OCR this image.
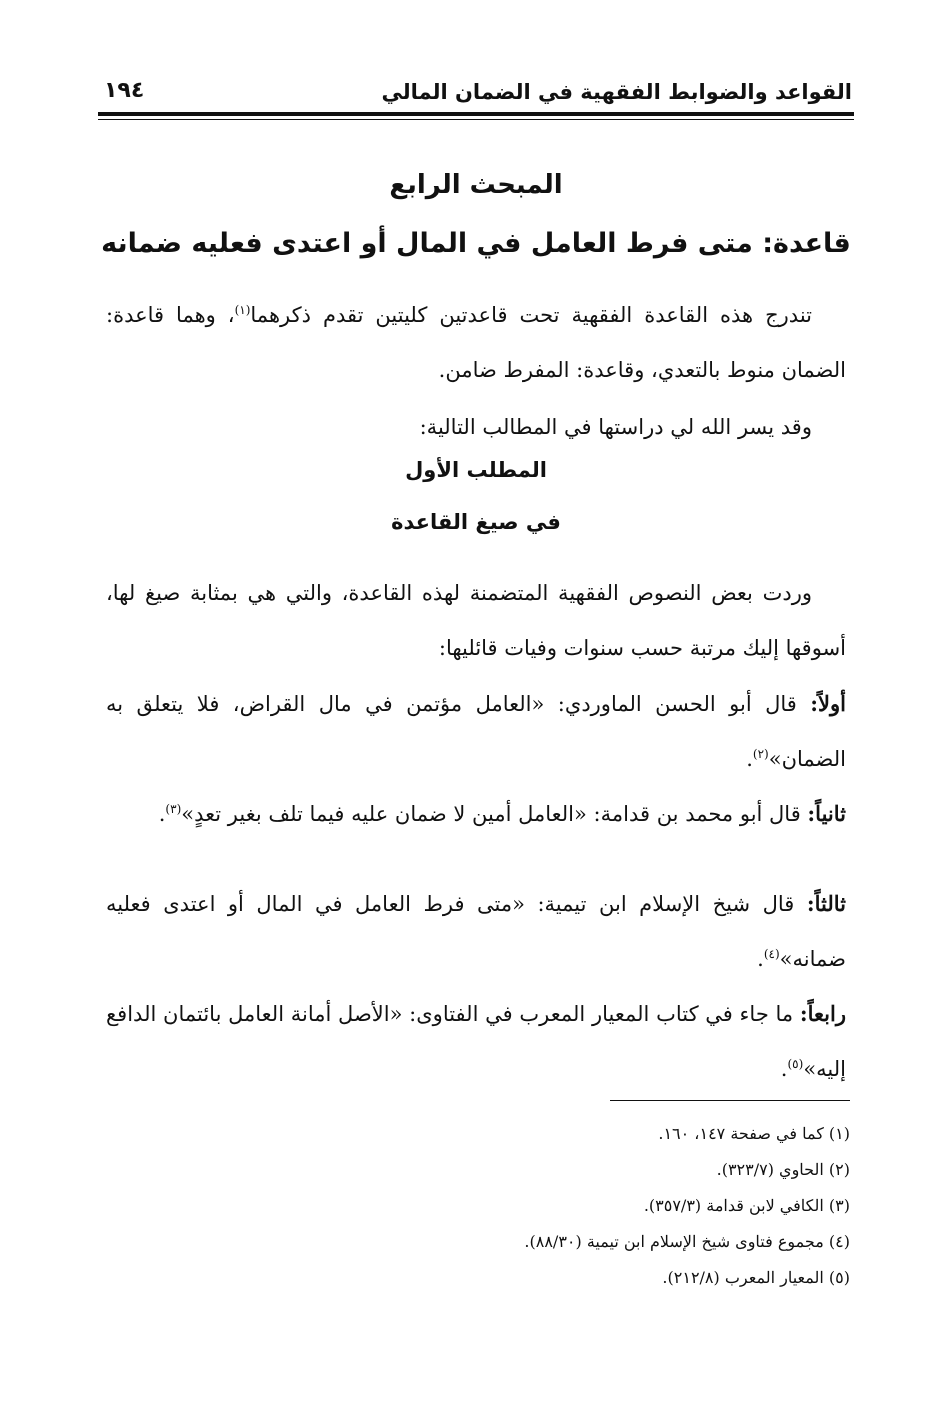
القواعد والضوابط الفقهية في الضمان المالي
١٩٤
المبحث الرابع
قاعدة: متى فرط العامل في المال أو اعتدى فعليه ضمانه
تندرج هذه القاعدة الفقهية تحت قاعدتين كليتين تقدم ذكرهما$^{(١)}$، وهما قاعدة: الضمان منوط بالتعدي، وقاعدة: المفرط ضامن.
وقد يسر الله لي دراستها في المطالب التالية:
المطلب الأول
في صيغ القاعدة
وردت بعض النصوص الفقهية المتضمنة لهذه القاعدة، والتي هي بمثابة صيغ لها، أسوقها إليك مرتبة حسب سنوات وفيات قائليها:
أولاً: قال أبو الحسن الماوردي: «العامل مؤتمن في مال القراض، فلا يتعلق به الضمان»$^{(٢)}$.
ثانياً: قال أبو محمد بن قدامة: «العامل أمين لا ضمان عليه فيما تلف بغير تعدٍ»$^{(٣)}$.
ثالثاً: قال شيخ الإسلام ابن تيمية: «متى فرط العامل في المال أو اعتدى فعليه ضمانه»$^{(٤)}$.
رابعاً: ما جاء في كتاب المعيار المعرب في الفتاوى: «الأصل أمانة العامل بائتمان الدافع إليه»$^{(٥)}$.
(١) كما في صفحة ١٤٧، ١٦٠.
(٢) الحاوي (٣٢٣/٧).
(٣) الكافي لابن قدامة (٣٥٧/٣).
(٤) مجموع فتاوى شيخ الإسلام ابن تيمية (٨٨/٣٠).
(٥) المعيار المعرب (٢١٢/٨).
